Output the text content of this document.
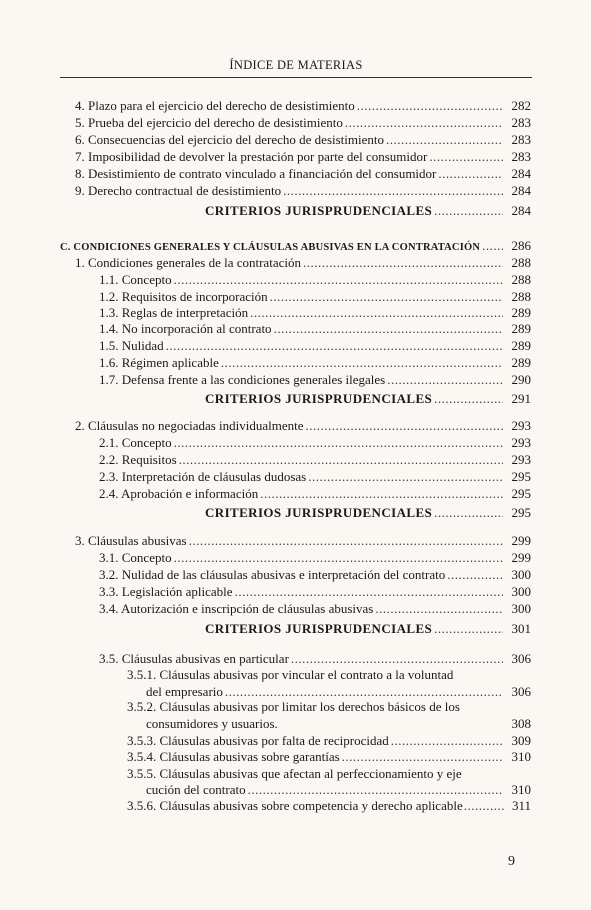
ÍNDICE DE MATERIAS
4. Plazo para el ejercicio del derecho de desistimiento .....	282
5. Prueba del ejercicio del derecho de desistimiento .....	283
6. Consecuencias del ejercicio del derecho de desistimiento .....	283
7. Imposibilidad de devolver la prestación por parte del consumidor .....	283
8. Desistimiento de contrato vinculado a financiación del consumidor .....	284
9. Derecho contractual de desistimiento .....	284
CRITERIOS JURISPRUDENCIALES .....	284
C. CONDICIONES GENERALES Y CLÁUSULAS ABUSIVAS EN LA CONTRATACIÓN .....	286
1. Condiciones generales de la contratación .....	288
1.1. Concepto .....	288
1.2. Requisitos de incorporación .....	288
1.3. Reglas de interpretación .....	289
1.4. No incorporación al contrato .....	289
1.5. Nulidad .....	289
1.6. Régimen aplicable .....	289
1.7. Defensa frente a las condiciones generales ilegales .....	290
CRITERIOS JURISPRUDENCIALES .....	291
2. Cláusulas no negociadas individualmente .....	293
2.1. Concepto .....	293
2.2. Requisitos .....	293
2.3. Interpretación de cláusulas dudosas .....	295
2.4. Aprobación e información .....	295
CRITERIOS JURISPRUDENCIALES .....	295
3. Cláusulas abusivas .....	299
3.1. Concepto .....	299
3.2. Nulidad de las cláusulas abusivas e interpretación del contrato .....	300
3.3. Legislación aplicable .....	300
3.4. Autorización e inscripción de cláusulas abusivas .....	300
CRITERIOS JURISPRUDENCIALES .....	301
3.5. Cláusulas abusivas en particular .....	306
3.5.1. Cláusulas abusivas por vincular el contrato a la voluntad
del empresario .....	306
3.5.2. Cláusulas abusivas por limitar los derechos básicos de los
consumidores y usuarios.	308
3.5.3. Cláusulas abusivas por falta de reciprocidad .....	309
3.5.4. Cláusulas abusivas sobre garantías .....	310
3.5.5. Cláusulas abusivas que afectan al perfeccionamiento y eje
cución del contrato .....	310
3.5.6. Cláusulas abusivas sobre competencia y derecho aplicable .....	311
9
